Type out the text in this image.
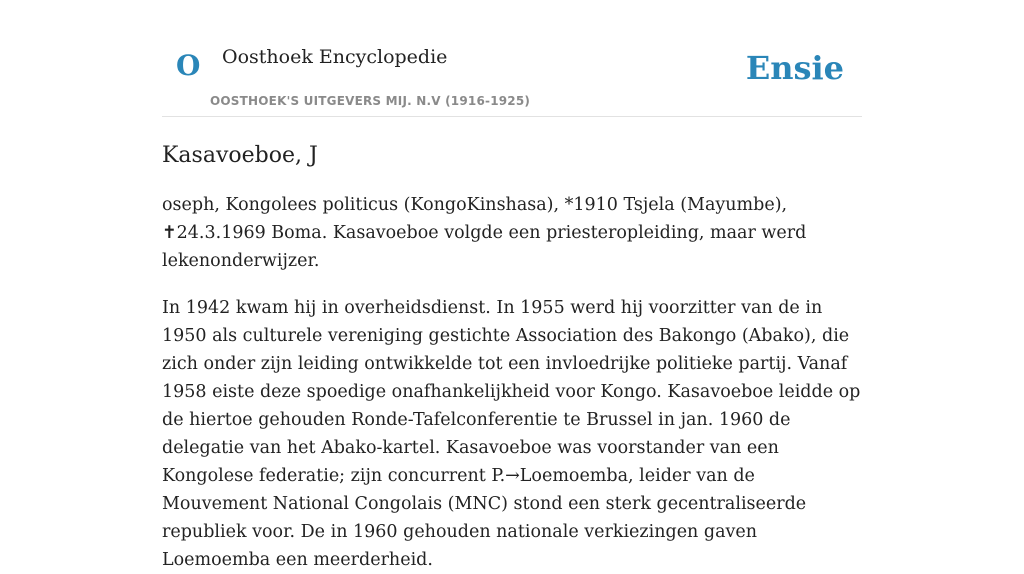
O Oosthoek Encyclopedie
OOSTHOEK'S UITGEVERS MIJ. N.V (1916-1925)
Ensie
Kasavoeboe, J

oseph, Kongolees politicus (KongoKinshasa), *1910 Tsjela (Mayumbe), ✝24.3.1969 Boma. Kasavoeboe volgde een priesteropleiding, maar werd lekenonderwijzer.

In 1942 kwam hij in overheidsdienst. In 1955 werd hij voorzitter van de in 1950 als culturele vereniging gestichte Association des Bakongo (Abako), die zich onder zijn leiding ontwikkelde tot een invloedrijke politieke partij. Vanaf 1958 eiste deze spoedige onafhankelijkheid voor Kongo. Kasavoeboe leidde op de hiertoe gehouden Ronde-Tafelconferentie te Brussel in jan. 1960 de delegatie van het Abako-kartel. Kasavoeboe was voorstander van een Kongolese federatie; zijn concurrent P.→Loemoemba, leider van de Mouvement National Congolais (MNC) stond een sterk gecentraliseerde republiek voor. De in 1960 gehouden nationale verkiezingen gaven Loemoemba een meerderheid.
